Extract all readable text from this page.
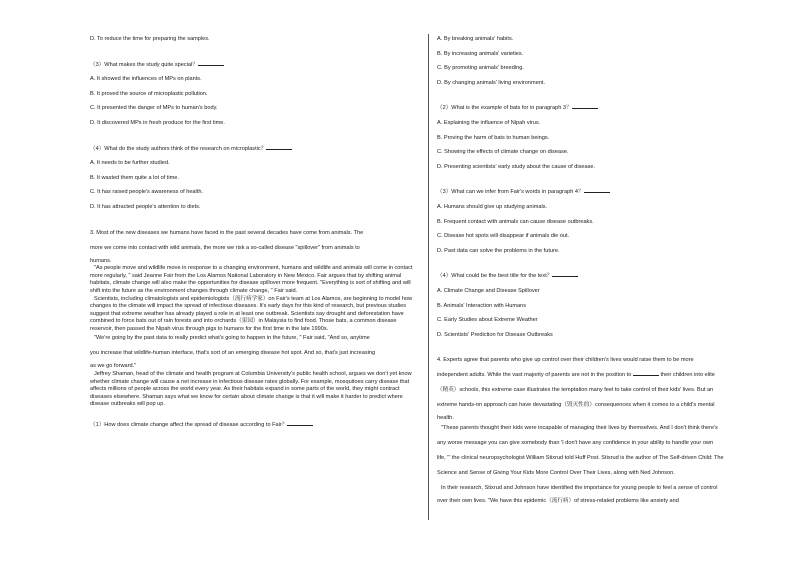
D. To reduce the time for preparing the samples.

（3）What makes the study quite special？

A. It showed the influences of MPs on plants.

B. It proved the source of microplastic pollution.

C. It presented the danger of MPs to human's body.

D. It discovered MPs in fresh produce for the first time.

（4）What do the study authors think of the research on microplastic？

A. It needs to be further studied.

B. It wasted them quite a lot of time.

C. It has raised people's awareness of health.

D. It has attracted people's attention to diets.

3. Most of the new diseases we humans have faced in the past several decades have come from animals. The

more we come into contact with wild animals, the more we risk a so-called disease "spillover" from animals to

humans.

"As people move and wildlife move in response to a changing environment, humans and wildlife and animals will come in contact more regularly, " said Jeanne Fair from the Los Alamos National Laboratory in New Mexico. Fair argues that by shifting animal habitats, climate change will also make the opportunities for disease spillover more frequent. "Everything is sort of shifting and will shift into the future as the environment changes through climate change, " Fair said.

Scientists, including climatologists and epidemiologists（流行病学家）on Fair's team at Los Alamos, are beginning to model how changes to the climate will impact the spread of infectious diseases. It's early days for this kind of research, but previous studies suggest that extreme weather has already played a role in at least one outbreak. Scientists say drought and deforestation have combined to force bats out of rain forests and into orchards（果园）in Malaysia to find food. Those bats, a common disease reservoir, then passed the Nipah virus through pigs to humans for the first time in the late 1990s.

"We're going by the past data to really predict what's going to happen in the future, " Fair said, "And so, anytime

you increase that wildlife-human interface, that's sort of an emerging disease hot spot. And so, that's just increasing

as we go forward."

Jeffrey Shaman, head of the climate and health program at Columbia University's public health school, argues we don't yet know whether climate change will cause a net increase in infectious disease rates globally. For example, mosquitoes carry disease that affects millions of people across the world every year. As their habitats expand in some parts of the world, they might contract diseases elsewhere. Shaman says what we know for certain about climate change is that it will make it harder to predict where disease outbreaks will pop up.

（1）How does climate change affect the spread of disease according to Fair？

A. By breaking animals' habits.

B. By increasing animals' varieties.

C. By promoting animals' breeding.

D. By changing animals' living environment.

（2）What is the example of bats for in paragraph 3？

A. Explaining the influence of Nipah virus.

B. Proving the harm of bats to human beings.

C. Showing the effects of climate change on disease.

D. Presenting scientists' early study about the cause of disease.

（3）What can we infer from Fair's words in paragraph 4？

A. Humans should give up studying animals.

B. Frequent contact with animals can cause disease outbreaks.

C. Disease hot spots will disappear if animals die out.

D. Past data can solve the problems in the future.

（4）What could be the best title for the text？

A. Climate Change and Disease Spillover

B. Animals' Interaction with Humans

C. Early Studies about Extreme Weather

D. Scientists' Prediction for Disease Outbreaks

4. Experts agree that parents who give up control over their children's lives would raise them to be more

independent adults. While the vast majority of parents are not in the position to	their children into elite

（精英）schools, this extreme case illustrates the temptation many feel to take control of their kids' lives. But an

extreme hands-on approach can have devastating（毁灭性的）consequences when it comes to a child's mental

health.

"These parents thought their kids were incapable of managing their lives by themselves. And I don't think there's

any worse message you can give somebody than 'I don't have any confidence in your ability to handle your own

life, '" the clinical neuropsychologist William Stixrud told Huff Post. Stixrud is the author of The Self-driven Child: The

Science and Sense of Giving Your Kids More Control Over Their Lives, along with Ned Johnson.

In their research, Stixrud and Johnson have identified the importance for young people to feel a sense of control

over their own lives. "We have this epidemic（流行病）of stress-related problems like anxiety and
